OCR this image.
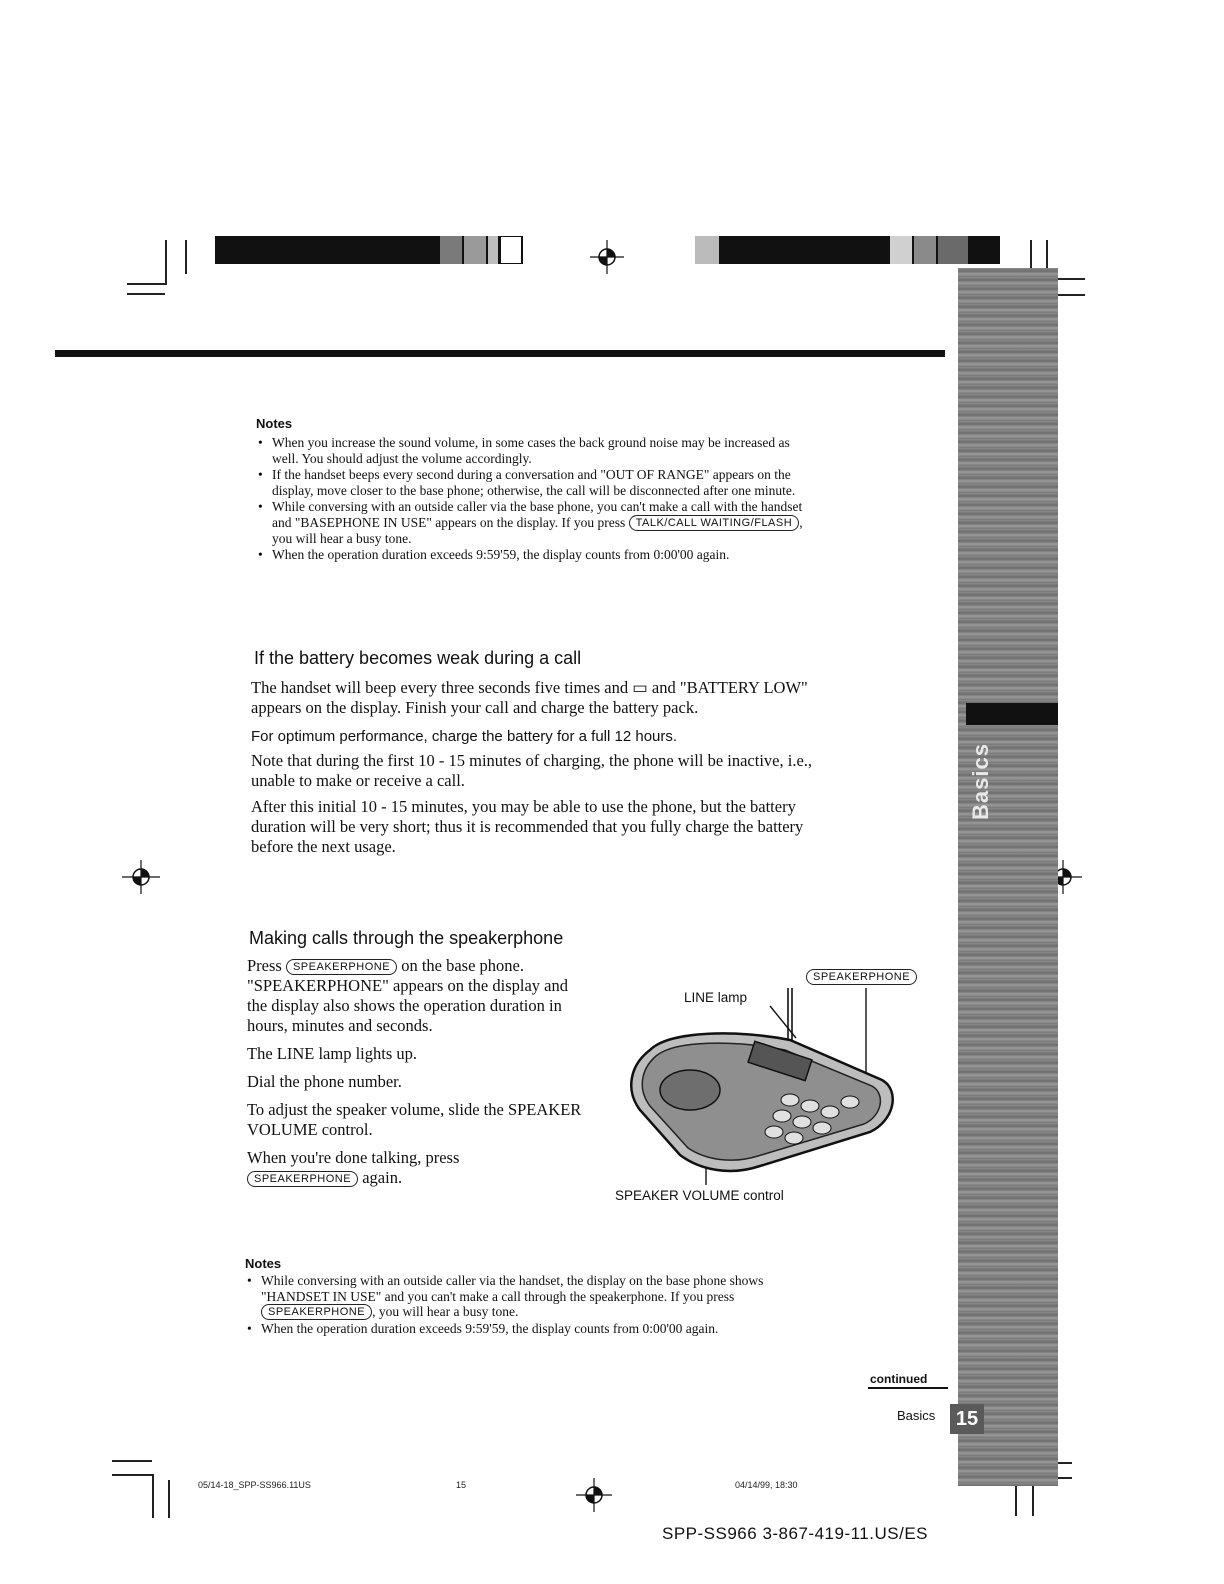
Basics
Notes
• When you increase the sound volume, in some cases the back ground noise may be increased as well. You should adjust the volume accordingly.
• If the handset beeps every second during a conversation and "OUT OF RANGE" appears on the display, move closer to the base phone; otherwise, the call will be disconnected after one minute.
• While conversing with an outside caller via the base phone, you can't make a call with the handset and "BASEPHONE IN USE" appears on the display. If you press TALK/CALL WAITING/FLASH , you will hear a busy tone.
• When the operation duration exceeds 9:59'59, the display counts from 0:00'00 again.
If the battery becomes weak during a call

The handset will beep every three seconds five times and ▭ and "BATTERY LOW" appears on the display. Finish your call and charge the battery pack.

For optimum performance, charge the battery for a full 12 hours.

Note that during the first 10 - 15 minutes of charging, the phone will be inactive, i.e., unable to make or receive a call.

After this initial 10 - 15 minutes, you may be able to use the phone, but the battery duration will be very short; thus it is recommended that you fully charge the battery before the next usage.

Making calls through the speakerphone

Press SPEAKERPHONE on the base phone.

"SPEAKERPHONE" appears on the display and the display also shows the operation duration in hours, minutes and seconds.

The LINE lamp lights up.

Dial the phone number.

To adjust the speaker volume, slide the SPEAKER VOLUME control.

When you're done talking, press
SPEAKERPHONE again.

LINE lamp
SPEAKERPHONE
SPEAKER VOLUME control
Notes
• While conversing with an outside caller via the handset, the display on the base phone shows "HANDSET IN USE" and you can't make a call through the speakerphone. If you press SPEAKERPHONE , you will hear a busy tone.
• When the operation duration exceeds 9:59'59, the display counts from 0:00'00 again.
continued
Basics 15
05/14-18_SPP-SS966.11US	15	04/14/99, 18:30
SPP-SS966 3-867-419-11.US/ES
